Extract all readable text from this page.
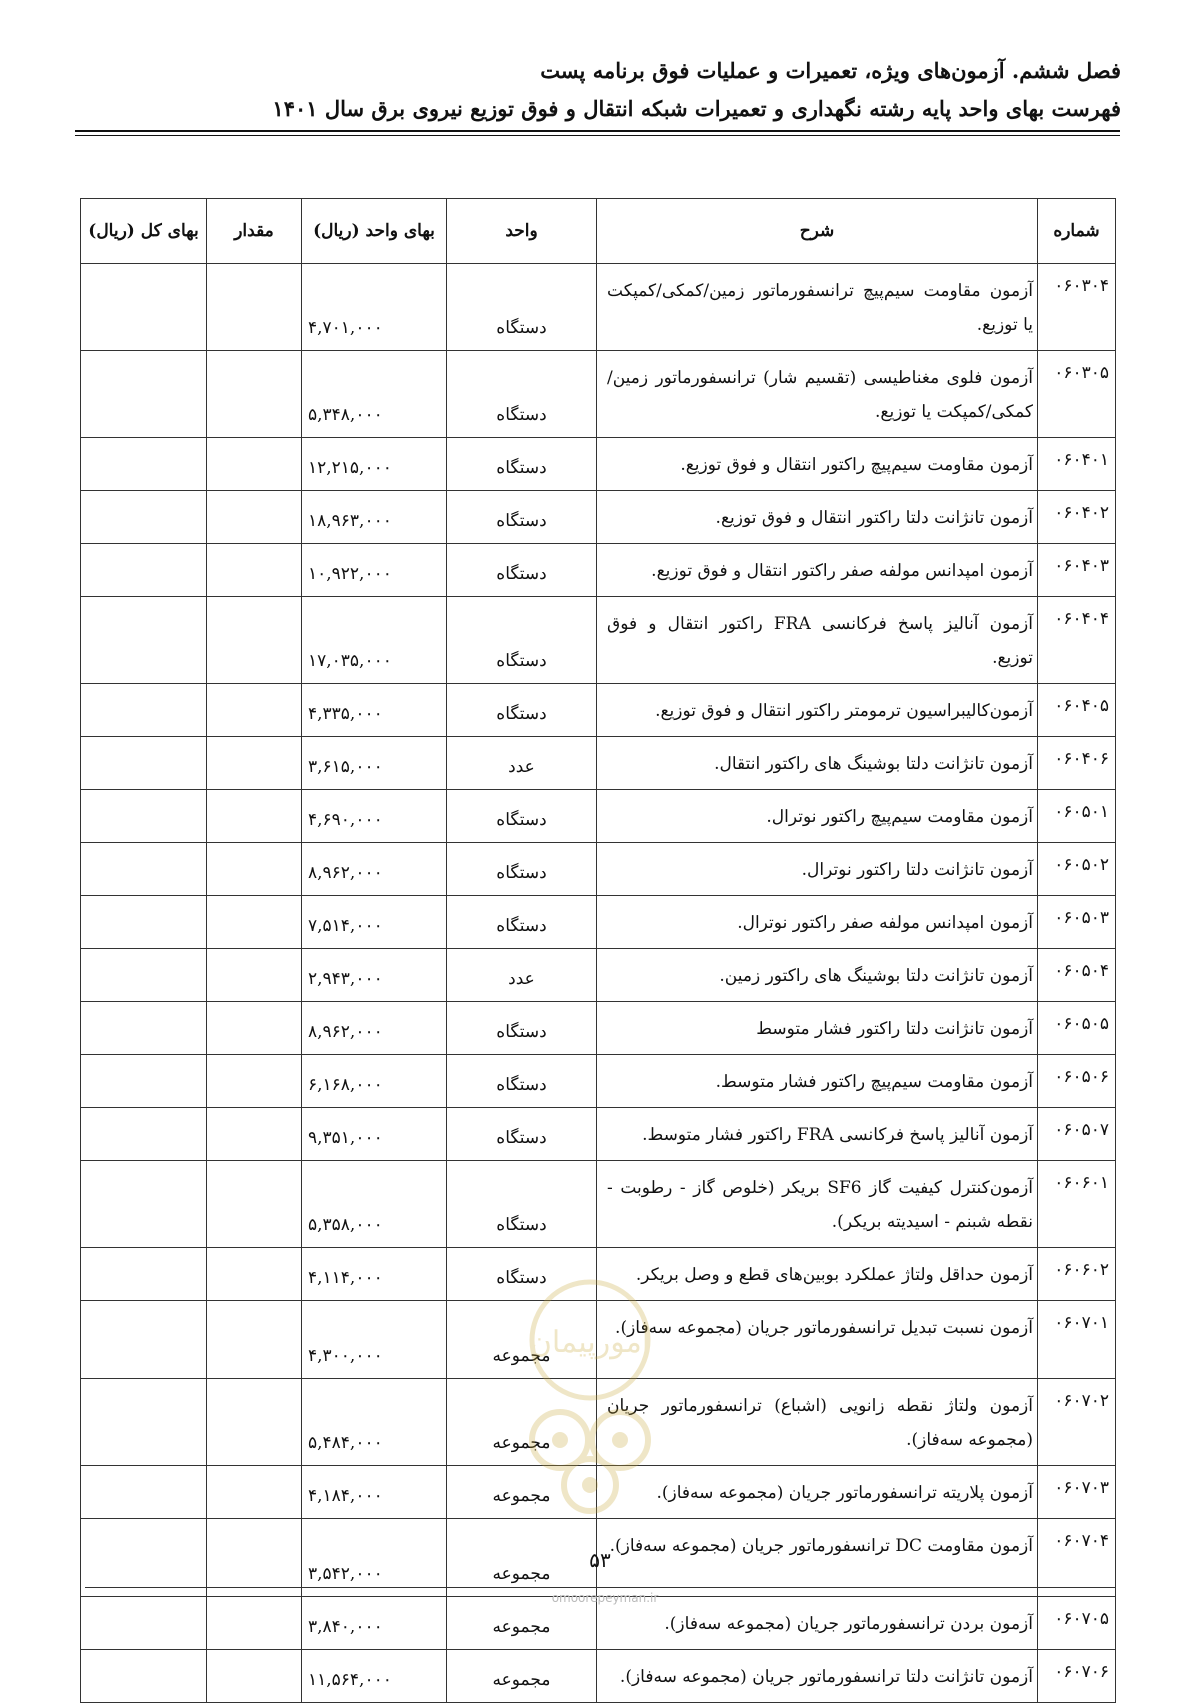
فصل ششم. آزمون‌های ویژه، تعمیرات و عملیات فوق برنامه پست
فهرست بهای واحد پایه رشته نگهداری و تعمیرات شبکه انتقال و فوق توزیع نیروی برق سال ۱۴۰۱
شماره	شرح	واحد	بهای واحد (ریال)	مقدار	بهای کل (ریال)
۰۶۰۳۰۴	آزمون مقاومت سیم‌پیچ ترانسفورماتور زمین/کمکی/کمپکت یا توزیع.	دستگاه	۴,۷۰۱,۰۰۰		
۰۶۰۳۰۵	آزمون فلوی مغناطیسی (تقسیم شار) ترانسفورماتور زمین/کمکی/کمپکت یا توزیع.	دستگاه	۵,۳۴۸,۰۰۰		
۰۶۰۴۰۱	آزمون مقاومت سیم‌پیچ راکتور انتقال و فوق توزیع.	دستگاه	۱۲,۲۱۵,۰۰۰		
۰۶۰۴۰۲	آزمون تانژانت دلتا راکتور انتقال و فوق توزیع.	دستگاه	۱۸,۹۶۳,۰۰۰		
۰۶۰۴۰۳	آزمون امپدانس مولفه صفر راکتور انتقال و فوق توزیع.	دستگاه	۱۰,۹۲۲,۰۰۰		
۰۶۰۴۰۴	آزمون آنالیز پاسخ فرکانسی FRA راکتور انتقال و فوق توزیع.	دستگاه	۱۷,۰۳۵,۰۰۰		
۰۶۰۴۰۵	آزمون‌کالیبراسیون ترمومتر راکتور انتقال و فوق توزیع.	دستگاه	۴,۳۳۵,۰۰۰		
۰۶۰۴۰۶	آزمون تانژانت دلتا بوشینگ های راکتور انتقال.	عدد	۳,۶۱۵,۰۰۰		
۰۶۰۵۰۱	آزمون مقاومت سیم‌پیچ راکتور نوترال.	دستگاه	۴,۶۹۰,۰۰۰		
۰۶۰۵۰۲	آزمون تانژانت دلتا راکتور نوترال.	دستگاه	۸,۹۶۲,۰۰۰		
۰۶۰۵۰۳	آزمون امپدانس مولفه صفر راکتور نوترال.	دستگاه	۷,۵۱۴,۰۰۰		
۰۶۰۵۰۴	آزمون تانژانت دلتا بوشینگ های راکتور زمین.	عدد	۲,۹۴۳,۰۰۰		
۰۶۰۵۰۵	آزمون تانژانت دلتا راکتور فشار متوسط	دستگاه	۸,۹۶۲,۰۰۰		
۰۶۰۵۰۶	آزمون مقاومت سیم‌پیچ راکتور فشار متوسط.	دستگاه	۶,۱۶۸,۰۰۰		
۰۶۰۵۰۷	آزمون آنالیز پاسخ فرکانسی FRA راکتور فشار متوسط.	دستگاه	۹,۳۵۱,۰۰۰		
۰۶۰۶۰۱	آزمون‌کنترل کیفیت گاز SF6 بریکر (خلوص گاز - رطوبت - نقطه شبنم - اسیدیته بریکر).	دستگاه	۵,۳۵۸,۰۰۰		
۰۶۰۶۰۲	آزمون حداقل ولتاژ عملکرد بوبین‌های قطع و وصل بریکر.	دستگاه	۴,۱۱۴,۰۰۰		
۰۶۰۷۰۱	آزمون نسبت تبدیل ترانسفورماتور جریان (مجموعه سه‌فاز).	مجموعه	۴,۳۰۰,۰۰۰		
۰۶۰۷۰۲	آزمون ولتاژ نقطه زانویی (اشباع) ترانسفورماتور جریان (مجموعه سه‌فاز).	مجموعه	۵,۴۸۴,۰۰۰		
۰۶۰۷۰۳	آزمون پلاریته ترانسفورماتور جریان (مجموعه سه‌فاز).	مجموعه	۴,۱۸۴,۰۰۰		
۰۶۰۷۰۴	آزمون مقاومت DC ترانسفورماتور جریان (مجموعه سه‌فاز).	مجموعه	۳,۵۴۲,۰۰۰		
۰۶۰۷۰۵	آزمون بردن ترانسفورماتور جریان (مجموعه سه‌فاز).	مجموعه	۳,۸۴۰,۰۰۰		
۰۶۰۷۰۶	آزمون تانژانت دلتا ترانسفورماتور جریان (مجموعه سه‌فاز).	مجموعه	۱۱,۵۶۴,۰۰۰		
امورپیمان
۵۳
omoorepeyman.ir
